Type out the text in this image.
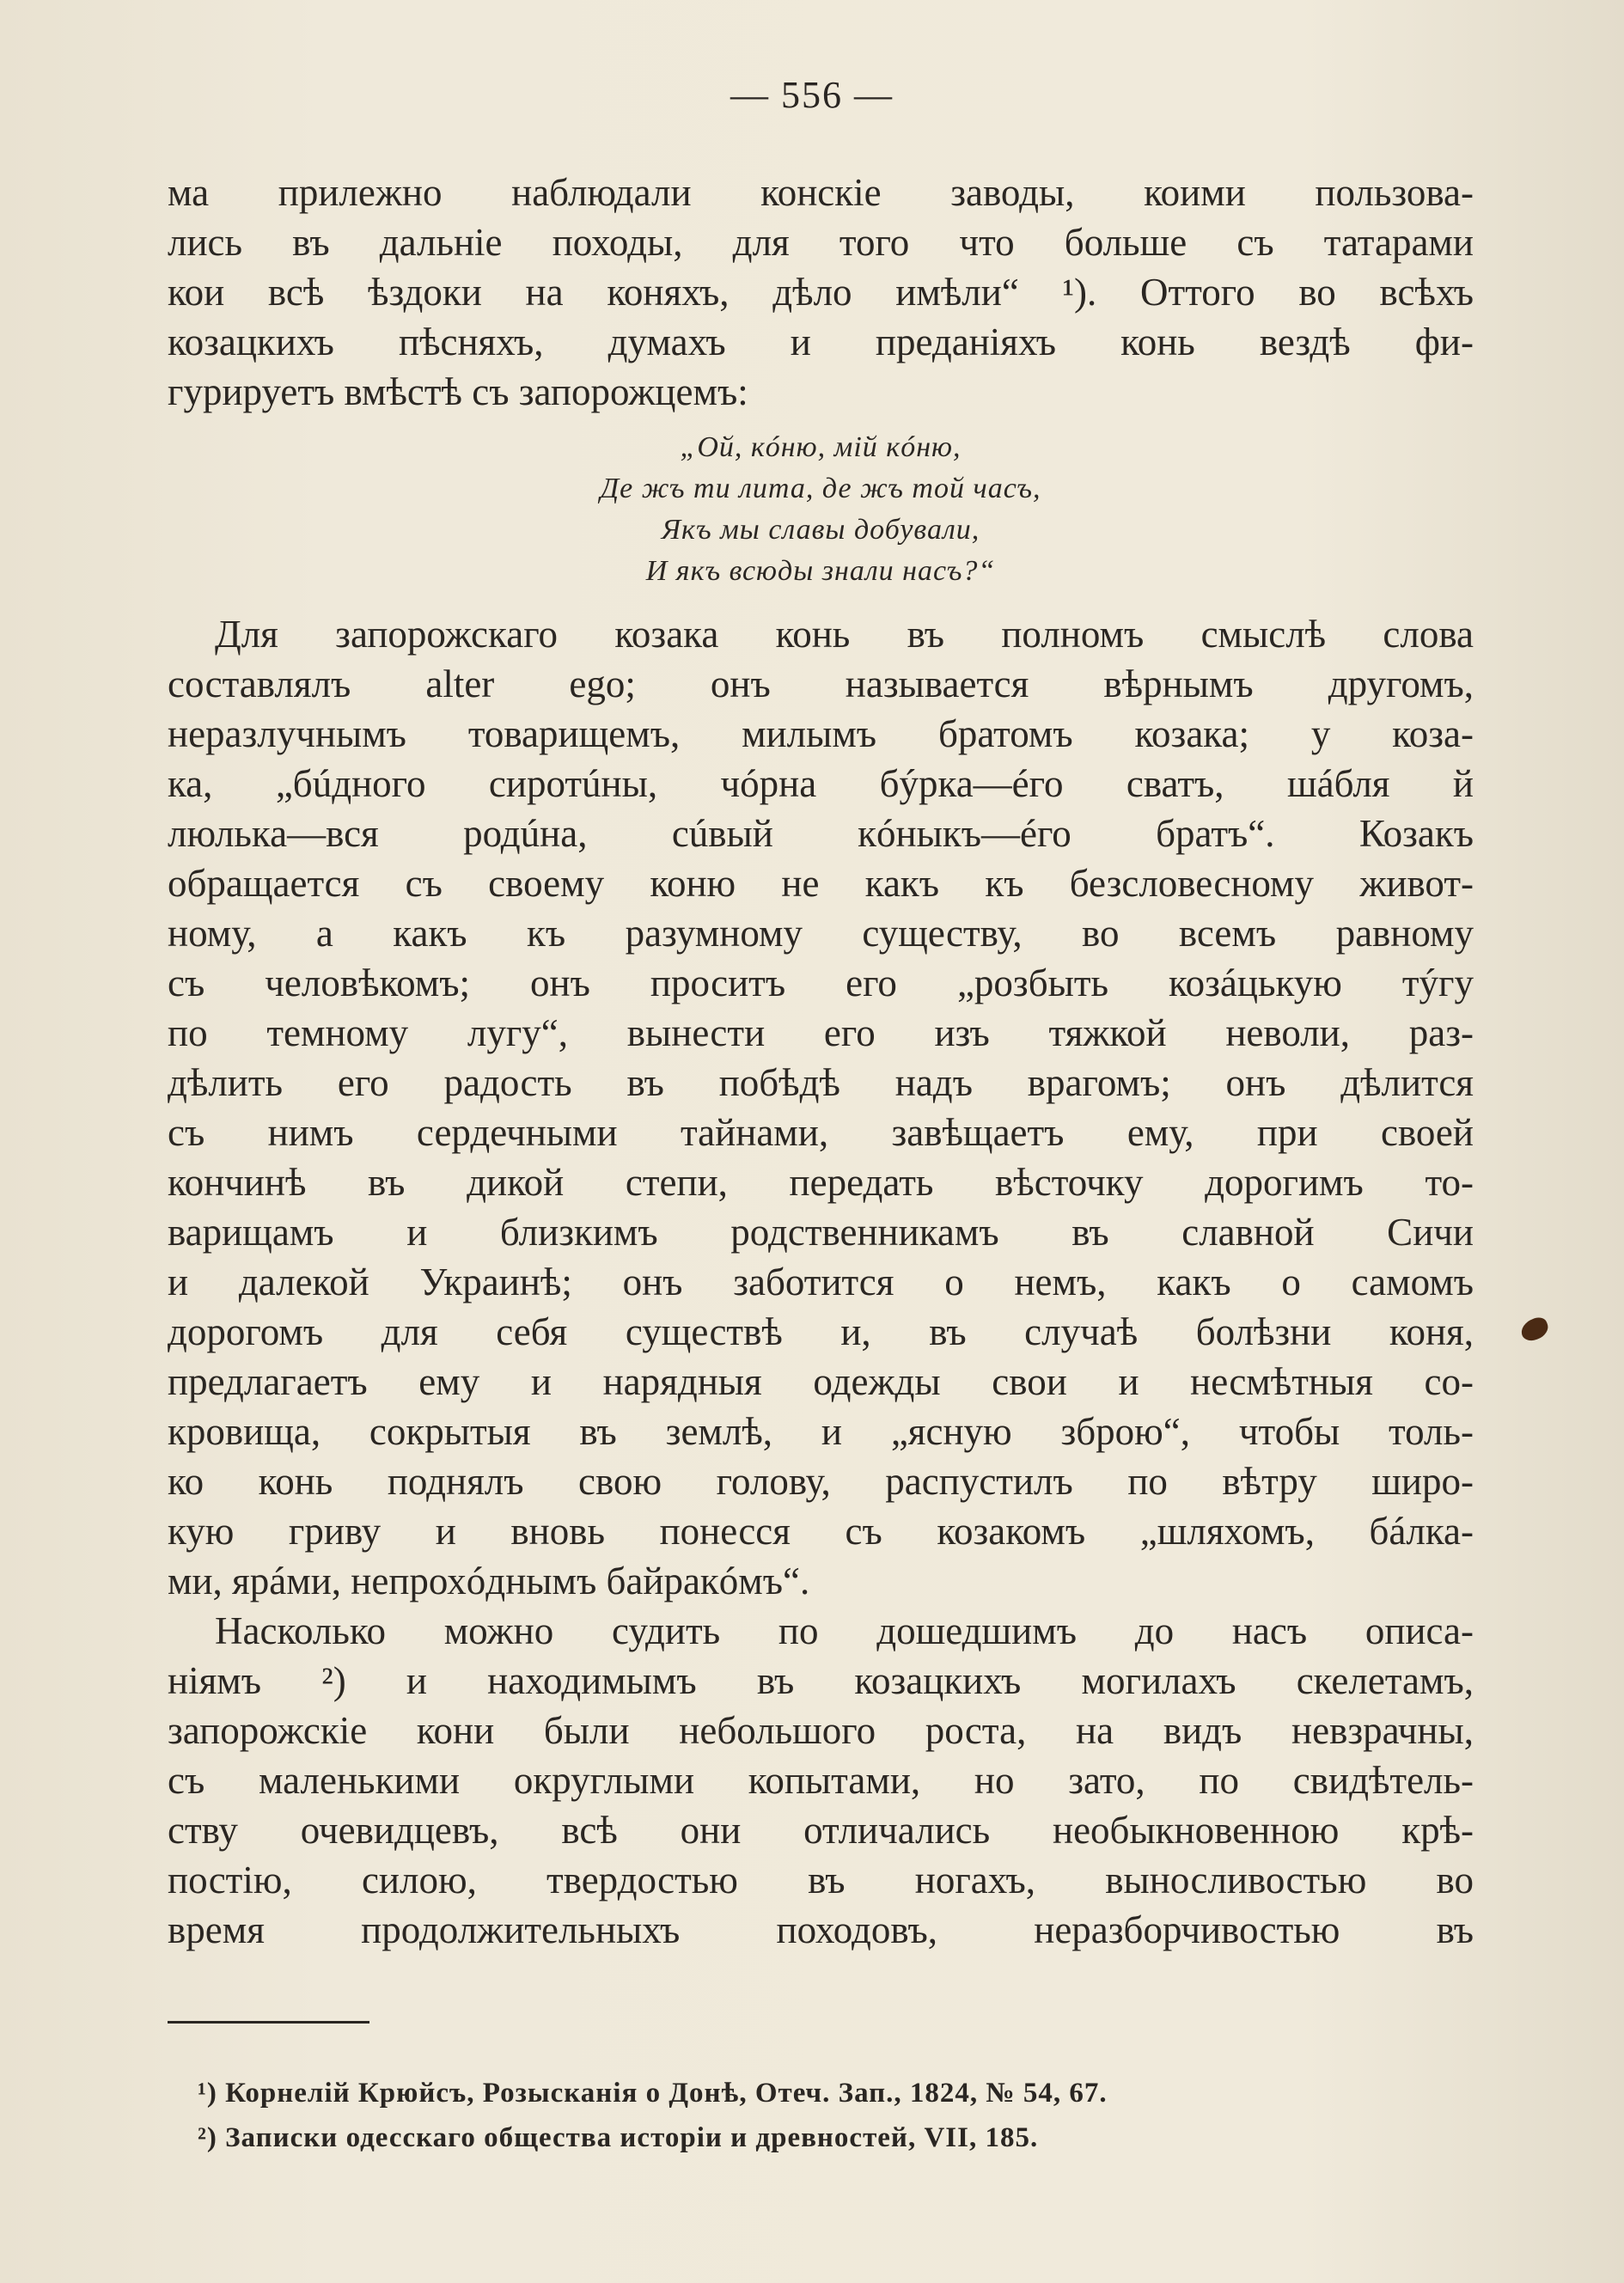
— 556 —
ма прилежно наблюдали конскіе заводы, коими пользова-
лись въ дальніе походы, для того что больше съ татарами
кои всѣ ѣздоки на коняхъ, дѣло имѣли“ ¹). Оттого во всѣхъ
козацкихъ пѣсняхъ, думахъ и преданіяхъ конь вездѣ фи-
гурируетъ вмѣстѣ съ запорожцемъ:
„Ой, кóню, мій кóню,
Де жъ ти лита, де жъ той часъ,
Якъ мы славы добували,
И якъ всюды знали насъ?“
Для запорожскаго козака конь въ полномъ смыслѣ слова
составлялъ alter ego; онъ называется вѣрнымъ другомъ,
неразлучнымъ товарищемъ, милымъ братомъ козака; у коза-
ка, „бúдного сиротúны, чóрна бýрка—éго сватъ, шáбля й
люлька—вся родúна, сúвый кóныкъ—éго братъ“. Козакъ
обращается съ своему коню не какъ къ безсловесному живот-
ному, а какъ къ разумному существу, во всемъ равному
съ человѣкомъ; онъ проситъ его „розбыть козáцькую тýгу
по темному лугу“, вынести его изъ тяжкой неволи, раз-
дѣлить его радость въ побѣдѣ надъ врагомъ; онъ дѣлится
съ нимъ сердечными тайнами, завѣщаетъ ему, при своей
кончинѣ въ дикой степи, передать вѣсточку дорогимъ то-
варищамъ и близкимъ родственникамъ въ славной Сичи
и далекой Украинѣ; онъ заботится о немъ, какъ о самомъ
дорогомъ для себя существѣ и, въ случаѣ болѣзни коня,
предлагаетъ ему и нарядныя одежды свои и несмѣтныя со-
кровища, сокрытыя въ землѣ, и „ясную зброю“, чтобы толь-
ко конь поднялъ свою голову, распустилъ по вѣтру широ-
кую гриву и вновь понесся съ козакомъ „шляхомъ, бáлка-
ми, ярáми, непрохóднымъ байракóмъ“.
Насколько можно судить по дошедшимъ до насъ описа-
ніямъ ²) и находимымъ въ козацкихъ могилахъ скелетамъ,
запорожскіе кони были небольшого роста, на видъ невзрачны,
съ маленькими округлыми копытами, но зато, по свидѣтель-
ству очевидцевъ, всѣ они отличались необыкновенною крѣ-
постію, силою, твердостью въ ногахъ, выносливостью во
время продолжительныхъ походовъ, неразборчивостью въ
¹) Корнелій Крюйсъ, Розысканія о Донѣ, Отеч. Зап., 1824, № 54, 67.
²) Записки одесскаго общества исторіи и древностей, VII, 185.
